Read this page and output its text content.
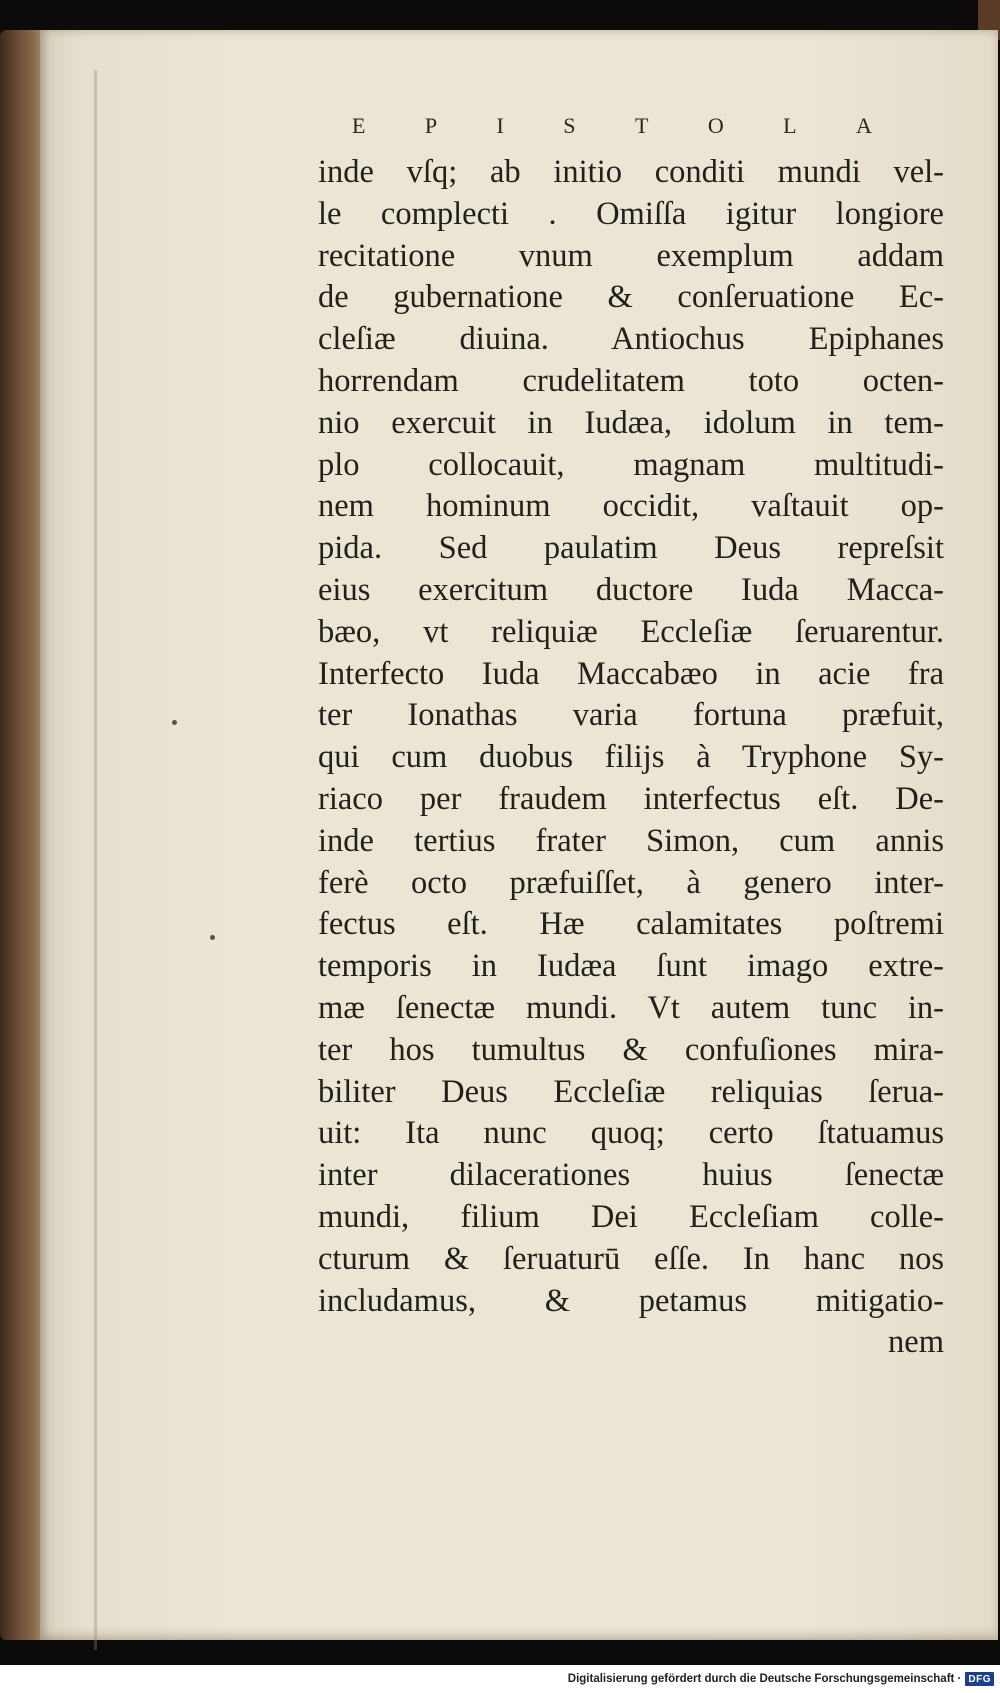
E	P	I	S	T	O	L	A
inde vſq; ab initio conditi mundi vel-
le complecti . Omiſſa igitur longiore
recitatione vnum exemplum addam
de gubernatione & conſeruatione Ec-
cleſiæ diuina. Antiochus Epiphanes
horrendam crudelitatem toto octen-
nio exercuit in Iudæa, idolum in tem-
plo collocauit, magnam multitudi-
nem hominum occidit, vaſtauit op-
pida. Sed paulatim Deus repreſsit
eius exercitum ductore Iuda Macca-
bæo, vt reliquiæ Eccleſiæ ſeruarentur.
Interfecto Iuda Maccabæo in acie fra
ter Ionathas varia fortuna præfuit,
qui cum duobus filijs à Tryphone Sy-
riaco per fraudem interfectus eſt. De-
inde tertius frater Simon, cum annis
ferè octo præfuiſſet, à genero inter-
fectus eſt. Hæ calamitates poſtremi
temporis in Iudæa ſunt imago extre-
mæ ſenectæ mundi. Vt autem tunc in-
ter hos tumultus & confuſiones mira-
biliter Deus Eccleſiæ reliquias ſerua-
uit: Ita nunc quoq; certo ſtatuamus
inter dilacerationes huius ſenectæ
mundi, filium Dei Eccleſiam colle-
cturum & ſeruaturū eſſe. In hanc nos
includamus, & petamus mitigatio-
nem
Digitalisierung gefördert durch die Deutsche Forschungsgemeinschaft · DFG
